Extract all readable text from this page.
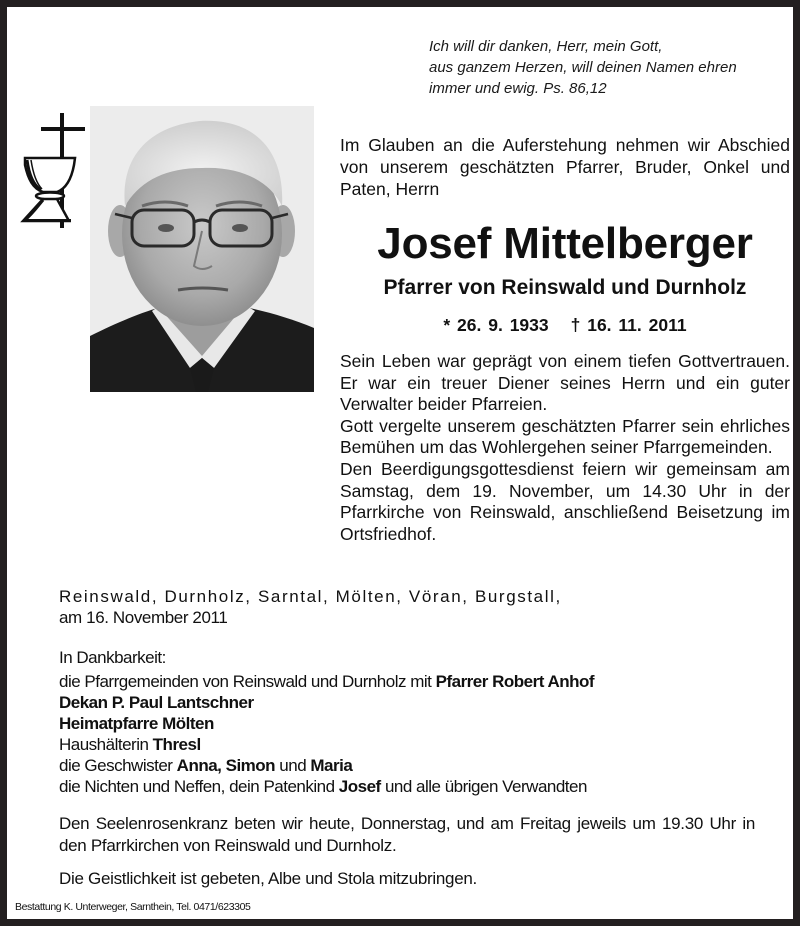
Ich will dir danken, Herr, mein Gott,
aus ganzem Herzen, will deinen Namen ehren
immer und ewig. Ps. 86,12
Im Glauben an die Auferstehung nehmen wir Abschied von unserem geschätzten Pfarrer, Bruder, Onkel und Paten, Herrn
Josef Mittelberger
Pfarrer von Reinswald und Durnholz
* 26. 9. 1933 † 16. 11. 2011

Sein Leben war geprägt von einem tiefen Gottvertrauen. Er war ein treuer Diener seines Herrn und ein guter Verwalter beider Pfarreien.

Gott vergelte unserem geschätzten Pfarrer sein ehrliches Bemühen um das Wohlergehen seiner Pfarrgemeinden.

Den Beerdigungsgottesdienst feiern wir gemeinsam am Samstag, dem 19. November, um 14.30 Uhr in der Pfarrkirche von Reinswald, anschließend Beisetzung im Ortsfriedhof.

Reinswald, Durnholz, Sarntal, Mölten, Vöran, Burgstall,
am 16. November 2011
In Dankbarkeit:
die Pfarrgemeinden von Reinswald und Durnholz mit Pfarrer Robert Anhof
Dekan P. Paul Lantschner
Heimatpfarre Mölten
Haushälterin Thresl
die Geschwister Anna, Simon und Maria
die Nichten und Neffen, dein Patenkind Josef und alle übrigen Verwandten
Den Seelenrosenkranz beten wir heute, Donnerstag, und am Freitag jeweils um 19.30 Uhr in den Pfarrkirchen von Reinswald und Durnholz.
Die Geistlichkeit ist gebeten, Albe und Stola mitzubringen.
Bestattung K. Unterweger, Sarnthein, Tel. 0471/623305
